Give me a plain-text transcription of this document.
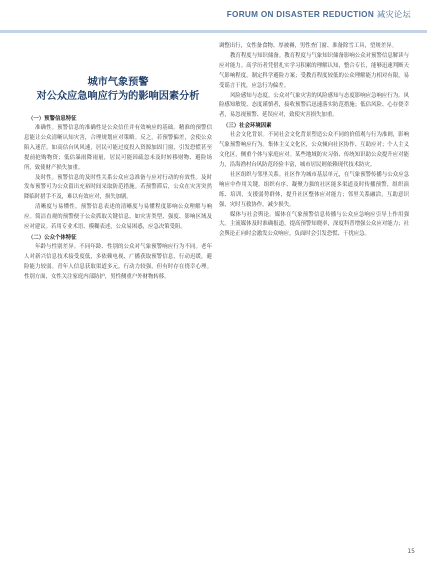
FORUM ON DISASTER REDUCTION 减灾论坛
城市气象预警
对公众应急响应行为的影响因素分析
（一）预警信息特征

准确性。预警信息的准确性是公众信任并有效响应的基础。精准的预警信息能让公众清晰认知灾害，合理规划应对策略。反之，若预警偏差，会使公众陷入迷茫。如高估台风风速，居民可能过度投入资源加固门窗，引发恐慌甚至提前抢购物资；低估暴雨降雨量，居民可能因疏忽未及时转移财物、避险场所，致使财产损失加重。

及时性。预警信息的及时性关系公众应急准备与应对行动的有效性。及时发布预警可为公众留出充裕时间采取防范措施。若预警滞后，公众在灾害突然降临时措手不及，难以有效应对，损失加剧。

清晰度与易懂性。预警信息表述的清晰度与易懂程度影响公众理解与响应。简洁直观的预警便于公众抓取关键信息，如灾害类型、强度、影响区域及应对建议。若用专业术语、模糊表述，公众易困惑，应急决策受阻。

（二）公众个体特征

年龄与性别差异。不同年龄、性别的公众对气象预警响应行为不同。老年人对新兴信息技术接受度低，多依赖电视、广播获取预警信息，行动迟缓，避险能力较弱。青年人信息获取渠道多元，行动力较强，但有时存在侥幸心理。性别方面，女性关注家庭内部防护，男性侧重户外财物转移。

调整出行，女性备食物、厚被褥，男性查门窗、准备除雪工具，望规差异。

教育程度与知识储备。教育程度与气象知识储备影响公众对预警信息解读与应对能力。高学历者凭借扎实学习积累的理解认知，整合专长，能够迅速判断天气影响程度，制定科学避险方案；受教育程度较低的公众理解能力相对有限，易受谣言干扰，应急行为偏差。

风险感知与态度。公众对气象灾害的风险感知与态度影响应急响应行为。风险感知敏锐、态度谨慎者，接收预警后迅速落实防范措施；低估风险、心存侥幸者，易忽视预警、延误应对，致使灾害损失加重。

（三）社会环境因素

社会文化背景。不同社会文化背景塑造公众不同的价值观与行为准则，影响气象预警响应行为。集体主义文化区，公众倾向社区协作、互助应对；个人主义文化区，侧重个体与家庭应对。某些地域防灾习俗、传统知识助公众提升应对能力，沿海渔村台风防范经验丰富，城市居民则依赖现代技术防灾。

社区组织与邻里关系。社区作为城市基层单元，在气象预警传播与公众应急响应中作用关键。组织有序、凝聚力强的社区能多渠道及时传播预警，组织演练、培训，支援弱势群体，提升社区整体应对能力；邻里关系融洽，互助意识强，灾时互救协作，减少损失。

媒体与社会舆论。媒体在气象预警信息传播与公众应急响应引导上作用强大。主流媒体及时准确报道，提高预警知晓率，深度科普增强公众应对能力；社会舆论正向时会激发公众响应，负面时会引发恐慌、干扰应急。

15
